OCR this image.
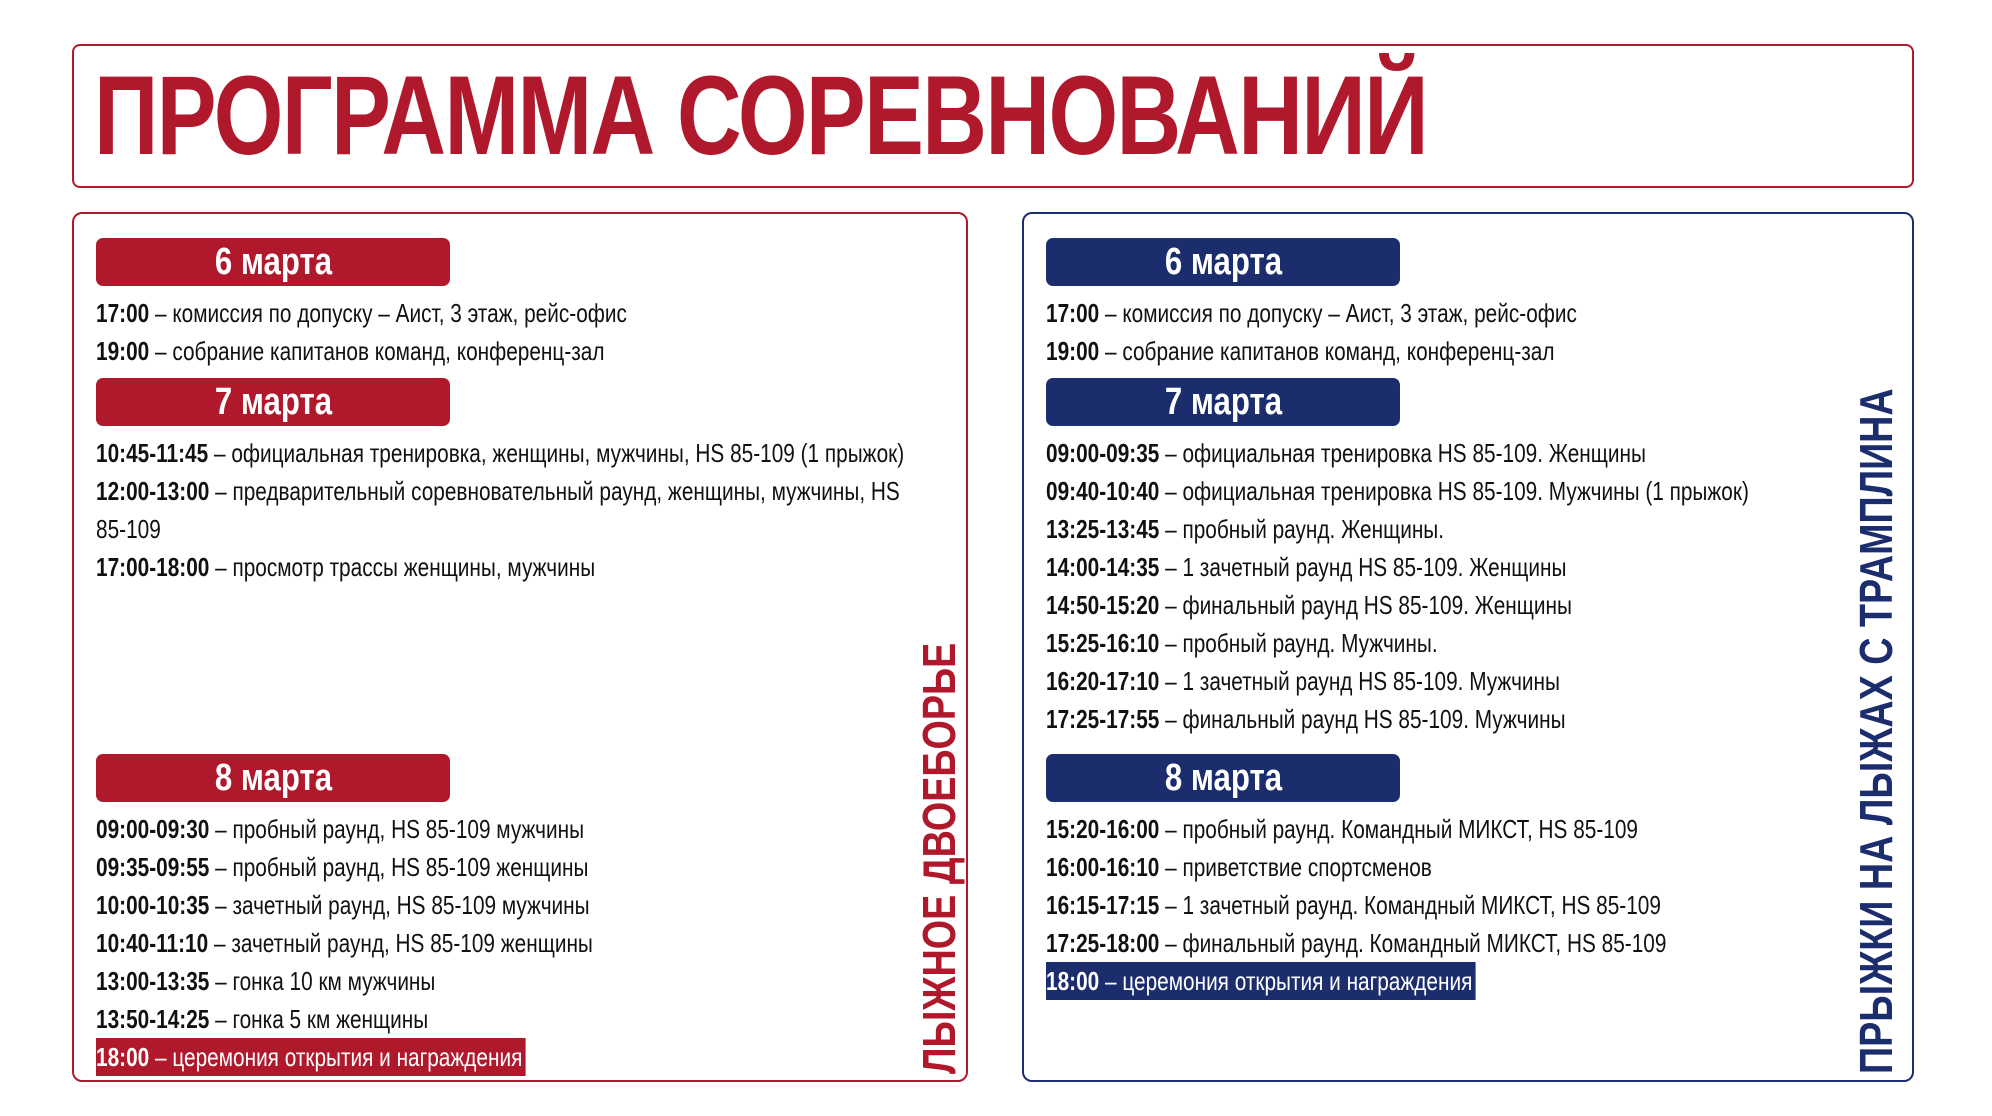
ПРОГРАММА СОРЕВНОВАНИЙ
6 марта
17:00 – комиссия по допуску – Аист, 3 этаж, рейс-офис
19:00 – собрание капитанов команд, конференц-зал
7 марта
10:45-11:45 – официальная тренировка, женщины, мужчины, HS 85-109 (1 прыжок)
12:00-13:00 – предварительный соревновательный раунд, женщины, мужчины, HS 85-109
17:00-18:00 – просмотр трассы женщины, мужчины
8 марта
09:00-09:30 – пробный раунд, HS 85-109 мужчины
09:35-09:55 – пробный раунд, HS 85-109 женщины
10:00-10:35 – зачетный раунд, HS 85-109 мужчины
10:40-11:10 – зачетный раунд, HS 85-109 женщины
13:00-13:35 – гонка 10 км мужчины
13:50-14:25 – гонка 5 км женщины
18:00 – церемония открытия и награждения	ЛЫЖНОЕ ДВОЕБОРЬЕ
6 марта
17:00 – комиссия по допуску – Аист, 3 этаж, рейс-офис
19:00 – собрание капитанов команд, конференц-зал
7 марта
09:00-09:35 – официальная тренировка HS 85-109. Женщины
09:40-10:40 – официальная тренировка HS 85-109. Мужчины (1 прыжок)
13:25-13:45 – пробный раунд. Женщины.
14:00-14:35 – 1 зачетный раунд HS 85-109. Женщины
14:50-15:20 – финальный раунд HS 85-109. Женщины
15:25-16:10 – пробный раунд. Мужчины.
16:20-17:10 – 1 зачетный раунд HS 85-109. Мужчины
17:25-17:55 – финальный раунд HS 85-109. Мужчины
8 марта
15:20-16:00 – пробный раунд. Командный МИКСТ, HS 85-109
16:00-16:10 – приветствие спортсменов
16:15-17:15 – 1 зачетный раунд. Командный МИКСТ, HS 85-109
17:25-18:00 – финальный раунд. Командный МИКСТ, HS 85-109
18:00 – церемония открытия и награждения	ПРЫЖКИ НА ЛЫЖАХ С ТРАМПЛИНА
